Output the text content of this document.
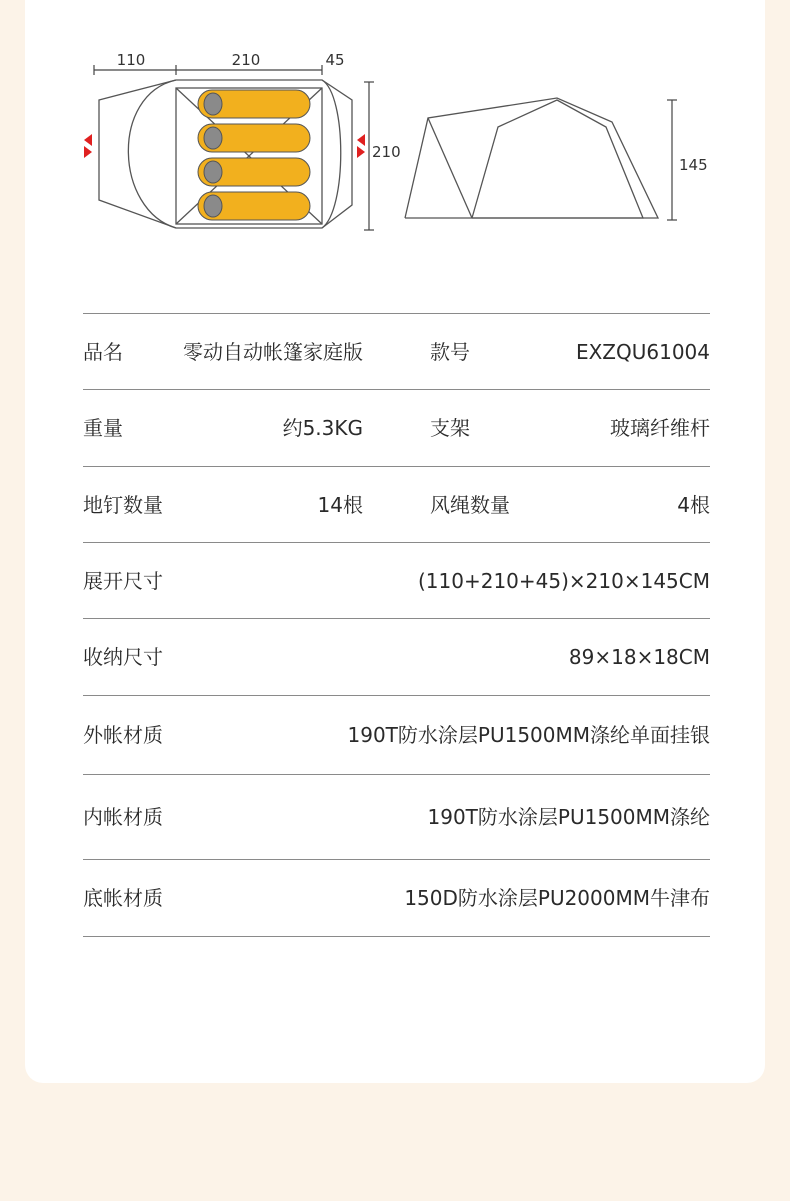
110	210	45
210
145
品名	零动自动帐篷家庭版	款号	EXZQU61004
重量	约5.3KG	支架	玻璃纤维杆
地钉数量	14根	风绳数量	4根
展开尺寸	(110+210+45)×210×145CM
收纳尺寸	89×18×18CM
外帐材质	190T防水涂层PU1500MM涤纶单面挂银
内帐材质	190T防水涂层PU1500MM涤纶
底帐材质	150D防水涂层PU2000MM牛津布
